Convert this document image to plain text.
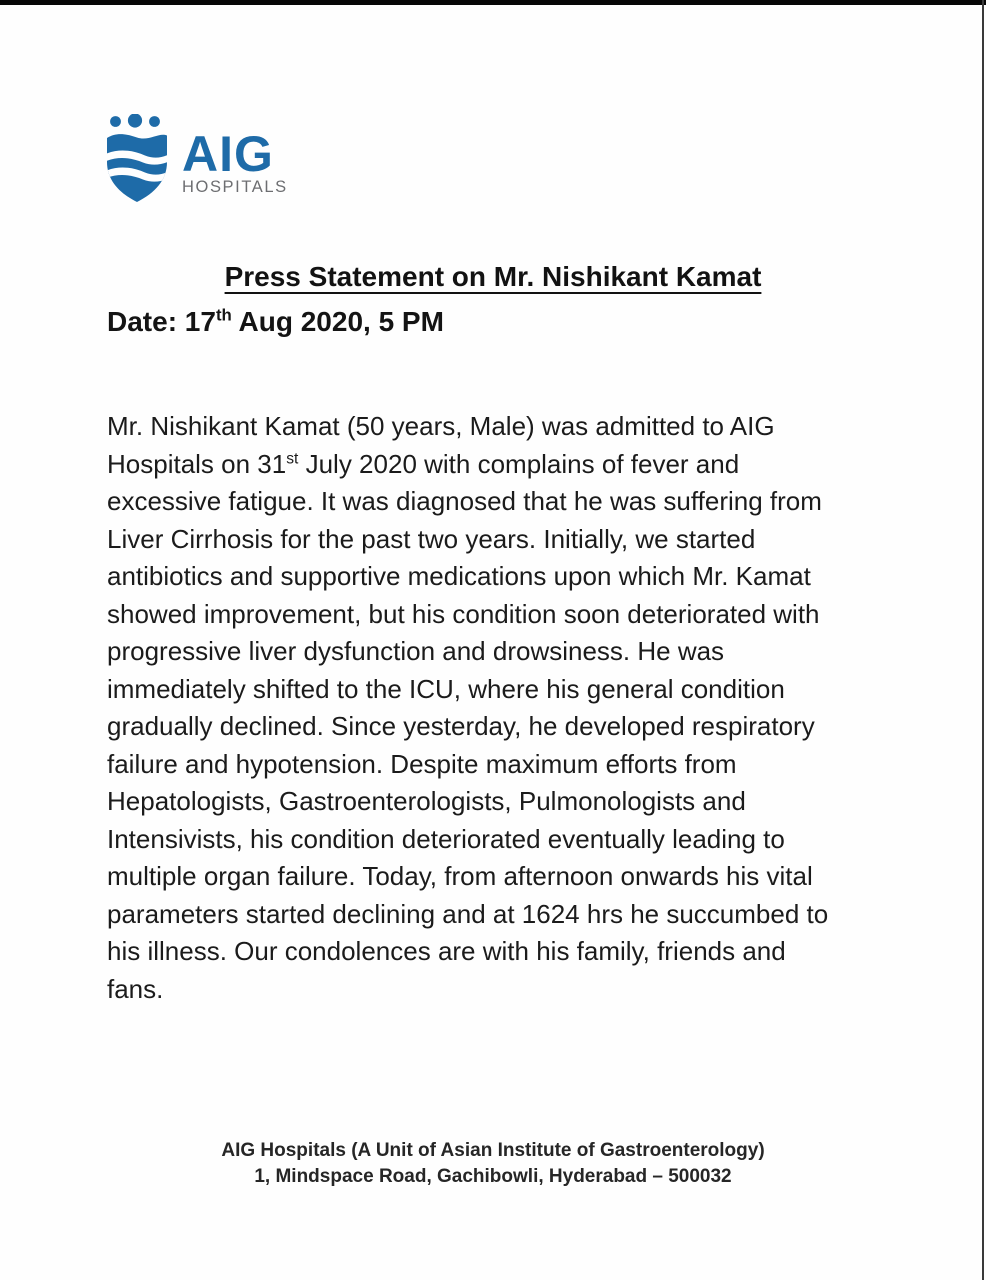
AIG
HOSPITALS
Press Statement on Mr. Nishikant Kamat
Date: 17th Aug 2020, 5 PM
Mr. Nishikant Kamat (50 years, Male) was admitted to AIG
Hospitals on 31st July 2020 with complains of fever and
excessive fatigue. It was diagnosed that he was suffering from
Liver Cirrhosis for the past two years. Initially, we started
antibiotics and supportive medications upon which Mr. Kamat
showed improvement, but his condition soon deteriorated with
progressive liver dysfunction and drowsiness. He was
immediately shifted to the ICU, where his general condition
gradually declined. Since yesterday, he developed respiratory
failure and hypotension. Despite maximum efforts from
Hepatologists, Gastroenterologists, Pulmonologists and
Intensivists, his condition deteriorated eventually leading to
multiple organ failure. Today, from afternoon onwards his vital
parameters started declining and at 1624 hrs he succumbed to
his illness. Our condolences are with his family, friends and
fans.
AIG Hospitals (A Unit of Asian Institute of Gastroenterology)
1, Mindspace Road, Gachibowli, Hyderabad – 500032
